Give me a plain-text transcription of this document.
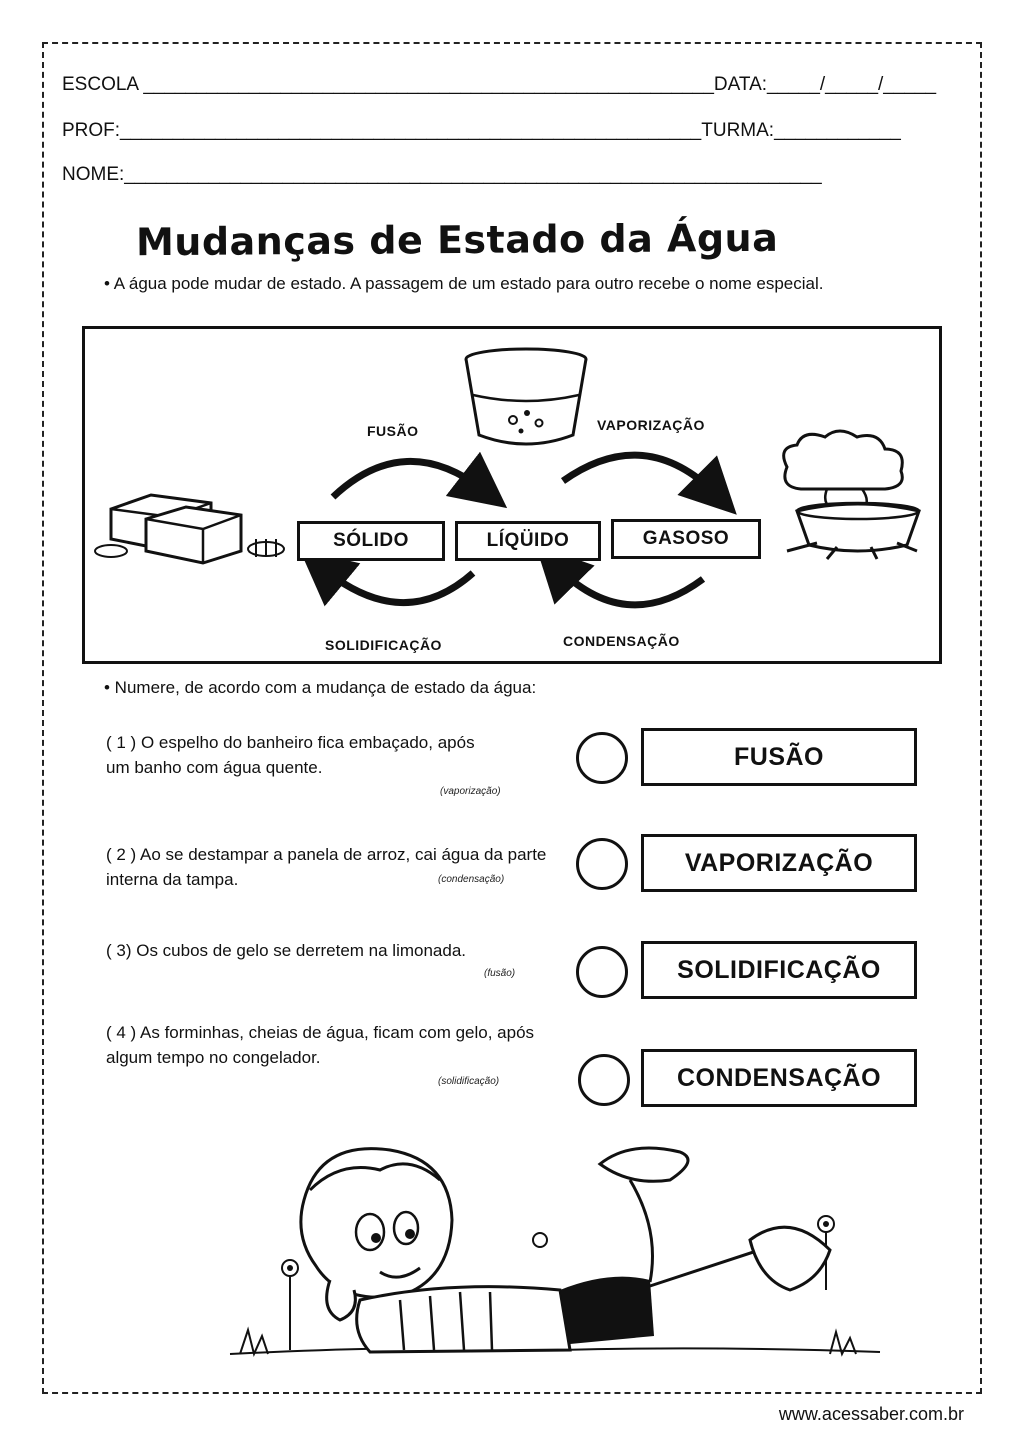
ESCOLA ______________________________________________________DATA:_____/_____/_____
PROF:_______________________________________________________TURMA:____________
NOME:__________________________________________________________________
Mudanças de Estado da Água
• A água pode mudar de estado. A passagem de um estado para outro recebe o nome especial.
FUSÃO	VAPORIZAÇÃO
SOLIDIFICAÇÃO	CONDENSAÇÃO
SÓLIDO	LÍQÜIDO	GASOSO
• Numere, de acordo com a mudança de estado da água:
( 1 ) O espelho do banheiro fica embaçado, após um banho com água quente.
(vaporização)
FUSÃO
( 2 ) Ao se destampar a panela de arroz, cai água da parte interna da tampa.	(condensação)
VAPORIZAÇÃO
( 3) Os cubos de gelo se derretem na limonada.
(fusão)	SOLIDIFICAÇÃO
( 4 ) As forminhas, cheias de água, ficam com gelo, após algum tempo no congelador.
(solidificação)	CONDENSAÇÃO
www.acessaber.com.br
